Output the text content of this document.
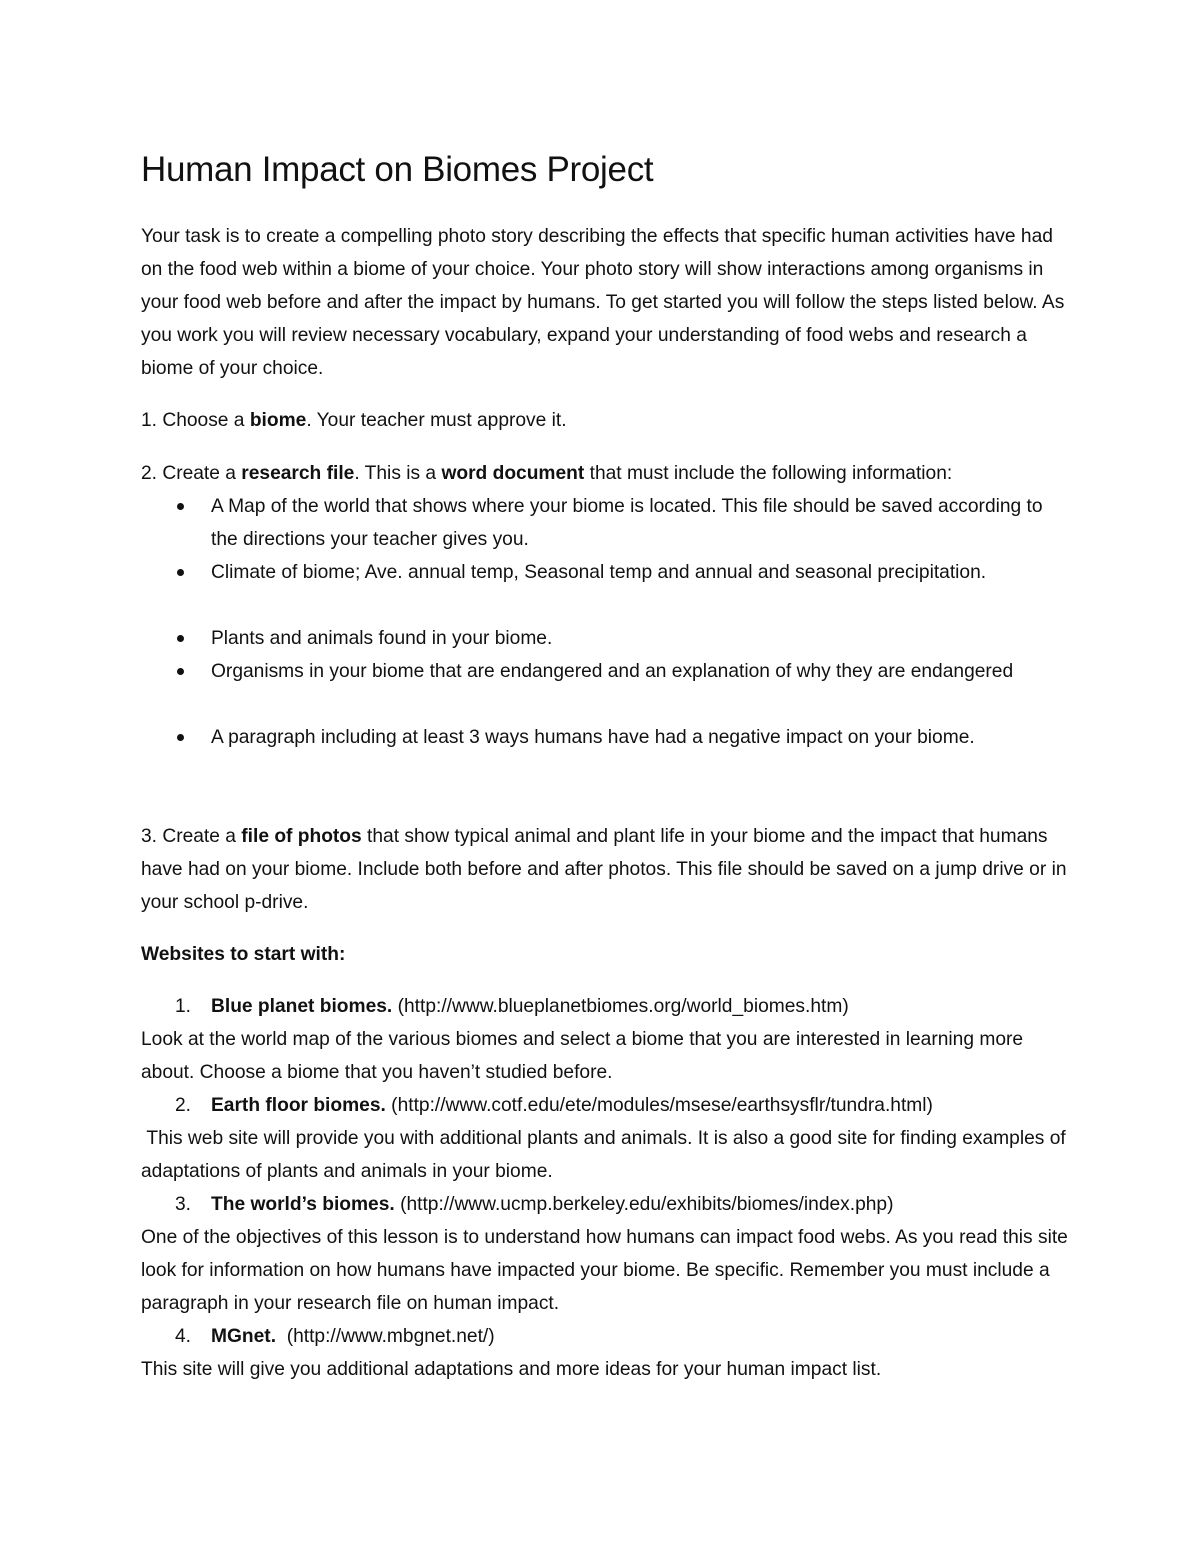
Human Impact on Biomes Project

Your task is to create a compelling photo story describing the effects that specific human activities have had on the food web within a biome of your choice. Your photo story will show interactions among organisms in your food web before and after the impact by humans. To get started you will follow the steps listed below. As you work you will review necessary vocabulary, expand your understanding of food webs and research a biome of your choice.

1. Choose a biome. Your teacher must approve it.
2. Create a research file. This is a word document that must include the following information:
A Map of the world that shows where your biome is located. This file should be saved according to the directions your teacher gives you.
Climate of biome; Ave. annual temp, Seasonal temp and annual and seasonal precipitation.
Plants and animals found in your biome.
Organisms in your biome that are endangered and an explanation of why they are endangered
A paragraph including at least 3 ways humans have had a negative impact on your biome.
3. Create a file of photos that show typical animal and plant life in your biome and the impact that humans have had on your biome. Include both before and after photos. This file should be saved on a jump drive or in your school p-drive.
Websites to start with:
1. Blue planet biomes. (http://www.blueplanetbiomes.org/world_biomes.htm)
Look at the world map of the various biomes and select a biome that you are interested in learning more about. Choose a biome that you haven’t studied before.
2. Earth floor biomes. (http://www.cotf.edu/ete/modules/msese/earthsysflr/tundra.html)
This web site will provide you with additional plants and animals. It is also a good site for finding examples of adaptations of plants and animals in your biome.
3. The world’s biomes. (http://www.ucmp.berkeley.edu/exhibits/biomes/index.php)
One of the objectives of this lesson is to understand how humans can impact food webs. As you read this site look for information on how humans have impacted your biome. Be specific. Remember you must include a paragraph in your research file on human impact.
4. MGnet.  (http://www.mbgnet.net/)
This site will give you additional adaptations and more ideas for your human impact list.
